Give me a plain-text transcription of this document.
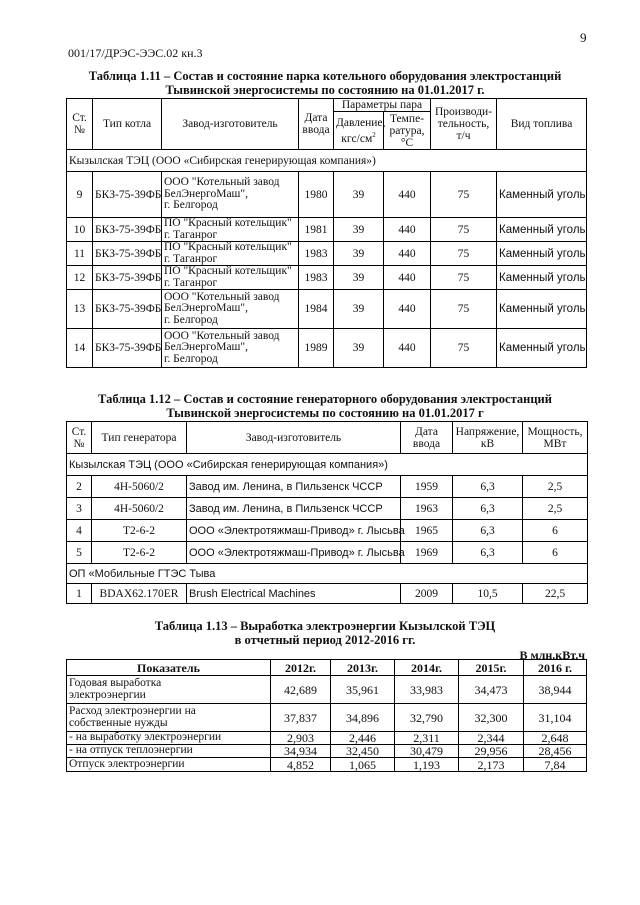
9
001/17/ДРЭС-ЭЭС.02 кн.3
Таблица 1.11 – Состав и состояние парка котельного оборудования электростанций
Тывинской энергосистемы по состоянию на 01.01.2017 г.
Ст. №	Тип котла	Завод-изготовитель	Дата ввода	Параметры пара		Производи- тельность, т/ч	Вид топлива
				Давление, кгс/$см^2$	Темпе- ратура,
°С		
Кызылская ТЭЦ (ООО «Сибирская генерирующая компания»)							
9	БКЗ-75-39ФБ	ООО "Котельный завод
БелЭнергоМаш",
г. Белгород	1980	39	440	75	Каменный уголь
10	БКЗ-75-39ФБ	ПО "Красный котельщик"
г. Таганрог	1981	39	440	75	Каменный уголь
11	БКЗ-75-39ФБ	ПО "Красный котельщик"
г. Таганрог	1983	39	440	75	Каменный уголь
12	БКЗ-75-39ФБ	ПО "Красный котельщик"
г. Таганрог	1983	39	440	75	Каменный уголь
13	БКЗ-75-39ФБ	ООО "Котельный завод
БелЭнергоМаш",
г. Белгород	1984	39	440	75	Каменный уголь
14	БКЗ-75-39ФБ	ООО "Котельный завод
БелЭнергоМаш",
г. Белгород	1989	39	440	75	Каменный уголь
Таблица 1.12 – Состав и состояние генераторного оборудования электростанций
Тывинской энергосистемы по состоянию на 01.01.2017 г
Ст. №	Тип генератора	Завод-изготовитель	Дата ввода	Напряжение, кВ	Мощность, МВт
Кызылская ТЭЦ (ООО «Сибирская генерирующая компания»)					
2	4Н-5060/2	Завод им. Ленина, в Пильзенск ЧССР	1959	6,3	2,5
3	4Н-5060/2	Завод им. Ленина, в Пильзенск ЧССР	1963	6,3	2,5
4	Т2-6-2	ООО «Электротяжмаш-Привод» г. Лысьва	1965	6,3	6
5	Т2-6-2	ООО «Электротяжмаш-Привод» г. Лысьва	1969	6,3	6
ОП «Мобильные ГТЭС Тыва					
1	BDAX62.170ER	Brush Electrical Machines	2009	10,5	22,5
Таблица 1.13 – Выработка электроэнергии Кызылской ТЭЦ
в отчетный период 2012-2016 гг.
В млн.кВт.ч
Показатель	2012г.	2013г.	2014г.	2015г.	2016 г.
Годовая выработка
электроэнергии	42,689	35,961	33,983	34,473	38,944
Расход электроэнергии на
собственные нужды	37,837	34,896	32,790	32,300	31,104
- на выработку электроэнергии	2,903	2,446	2,311	2,344	2,648
- на отпуск теплоэнергии	34,934	32,450	30,479	29,956	28,456
Отпуск электроэнергии	4,852	1,065	1,193	2,173	7,84
